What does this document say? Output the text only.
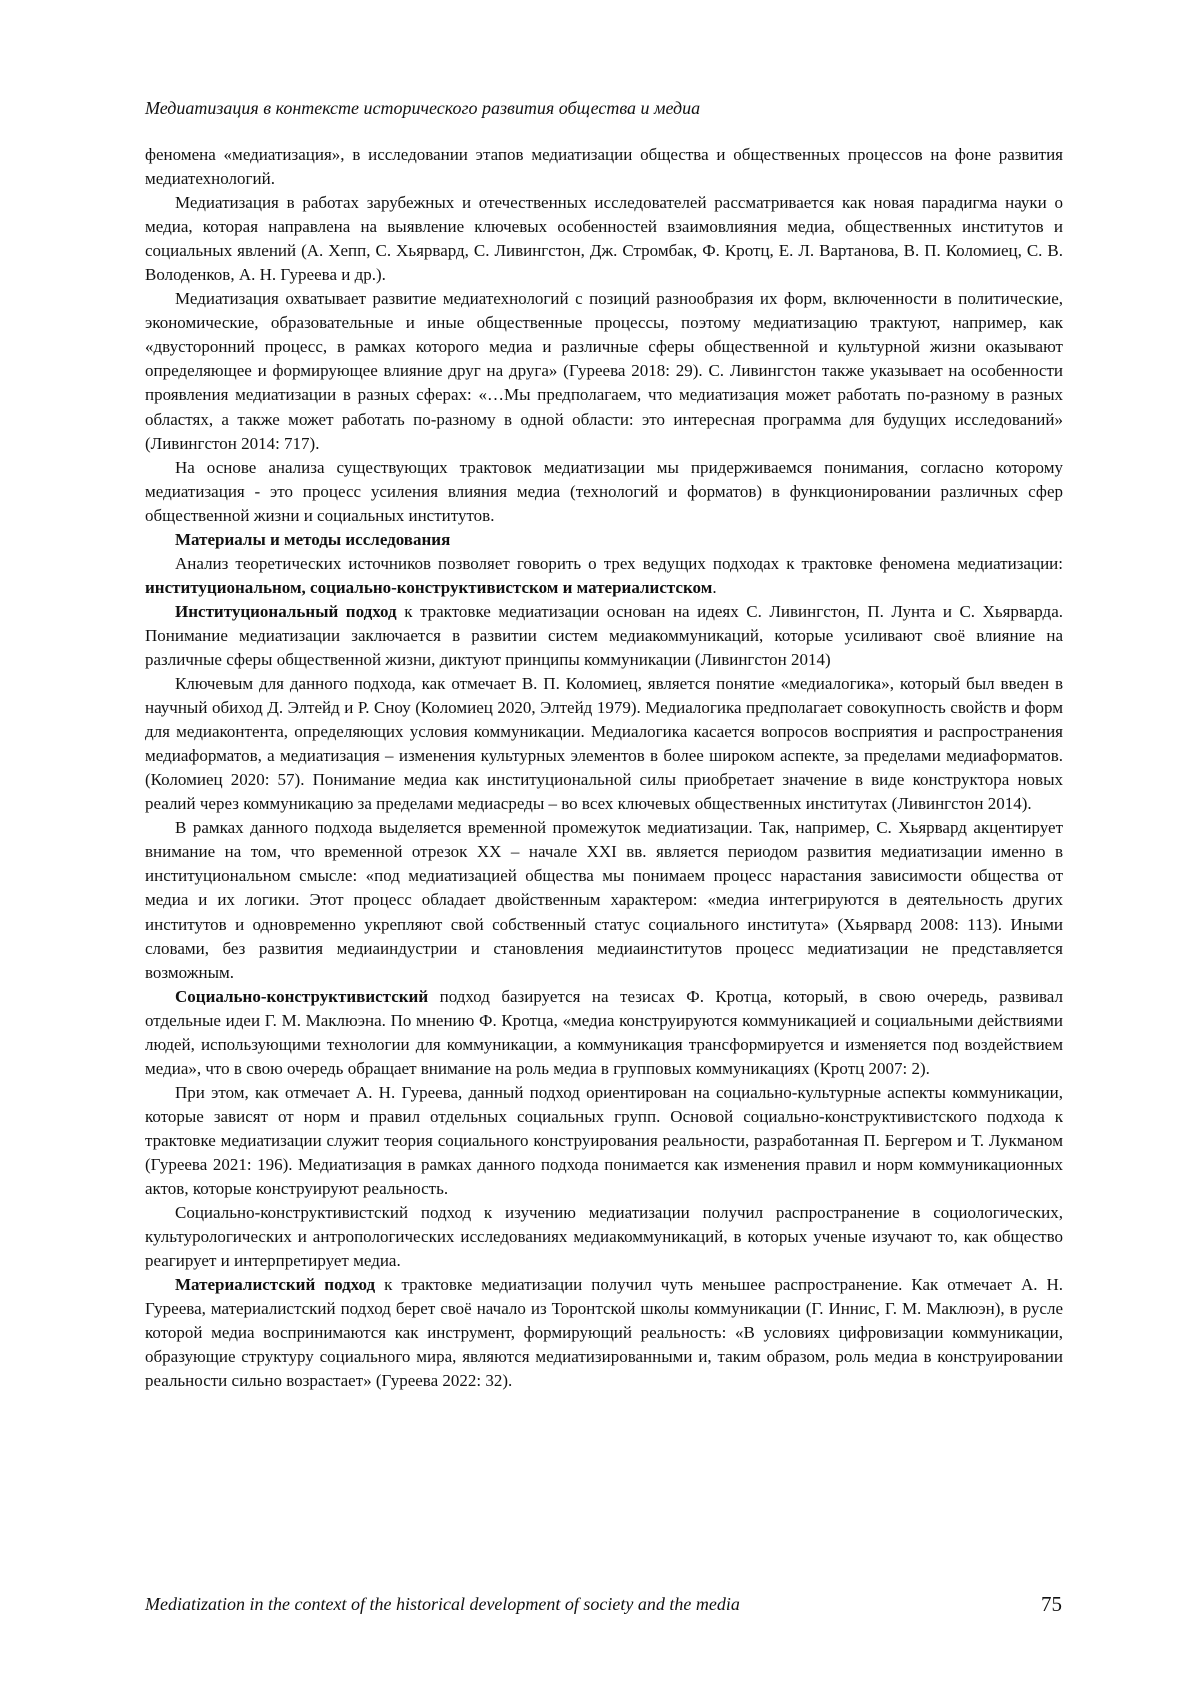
Медиатизация в контексте исторического развития общества и медиа

феномена «медиатизация», в исследовании этапов медиатизации общества и общественных процессов на фоне развития медиатехнологий.

Медиатизация в работах зарубежных и отечественных исследователей рассматривается как новая парадигма науки о медиа, которая направлена на выявление ключевых особенностей взаимовлияния медиа, общественных институтов и социальных явлений (А. Хепп, С. Хьярвард, С. Ливингстон, Дж. Стромбак, Ф. Кротц, Е. Л. Вартанова, В. П. Коломиец, С. В. Володенков, А. Н. Гуреева и др.).

Медиатизация охватывает развитие медиатехнологий с позиций разнообразия их форм, включенности в политические, экономические, образовательные и иные общественные процессы, поэтому медиатизацию трактуют, например, как «двусторонний процесс, в рамках которого медиа и различные сферы общественной и культурной жизни оказывают определяющее и формирующее влияние друг на друга» (Гуреева 2018: 29). С. Ливингстон также указывает на особенности проявления медиатизации в разных сферах: «…Мы предполагаем, что медиатизация может работать по-разному в разных областях, а также может работать по-разному в одной области: это интересная программа для будущих исследований» (Ливингстон 2014: 717).

На основе анализа существующих трактовок медиатизации мы придерживаемся понимания, согласно которому медиатизация - это процесс усиления влияния медиа (технологий и форматов) в функционировании различных сфер общественной жизни и социальных институтов.

Материалы и методы исследования

Анализ теоретических источников позволяет говорить о трех ведущих подходах к трактовке феномена медиатизации: институциональном, социально-конструктивистском и материалистском.

Институциональный подход к трактовке медиатизации основан на идеях С. Ливингстон, П. Лунта и С. Хьярварда. Понимание медиатизации заключается в развитии систем медиакоммуникаций, которые усиливают своё влияние на различные сферы общественной жизни, диктуют принципы коммуникации (Ливингстон 2014)

Ключевым для данного подхода, как отмечает В. П. Коломиец, является понятие «медиалогика», который был введен в научный обиход Д. Элтейд и Р. Сноу (Коломиец 2020, Элтейд 1979). Медиалогика предполагает совокупность свойств и форм для медиаконтента, определяющих условия коммуникации. Медиалогика касается вопросов восприятия и распространения медиаформатов, а медиатизация – изменения культурных элементов в более широком аспекте, за пределами медиаформатов. (Коломиец 2020: 57). Понимание медиа как институциональной силы приобретает значение в виде конструктора новых реалий через коммуникацию за пределами медиасреды – во всех ключевых общественных институтах (Ливингстон 2014).

В рамках данного подхода выделяется временной промежуток медиатизации. Так, например, С. Хьярвард акцентирует внимание на том, что временной отрезок XX – начале XXI вв. является периодом развития медиатизации именно в институциональном смысле: «под медиатизацией общества мы понимаем процесс нарастания зависимости общества от медиа и их логики. Этот процесс обладает двойственным характером: «медиа интегрируются в деятельность других институтов и одновременно укрепляют свой собственный статус социального института» (Хьярвард 2008: 113). Иными словами, без развития медиаиндустрии и становления медиаинститутов процесс медиатизации не представляется возможным.

Социально-конструктивистский подход базируется на тезисах Ф. Кротца, который, в свою очередь, развивал отдельные идеи Г. М. Маклюэна. По мнению Ф. Кротца, «медиа конструируются коммуникацией и социальными действиями людей, использующими технологии для коммуникации, а коммуникация трансформируется и изменяется под воздействием медиа», что в свою очередь обращает внимание на роль медиа в групповых коммуникациях (Кротц 2007: 2).

При этом, как отмечает А. Н. Гуреева, данный подход ориентирован на социально-культурные аспекты коммуникации, которые зависят от норм и правил отдельных социальных групп. Основой социально-конструктивистского подхода к трактовке медиатизации служит теория социального конструирования реальности, разработанная П. Бергером и Т. Лукманом (Гуреева 2021: 196). Медиатизация в рамках данного подхода понимается как изменения правил и норм коммуникационных актов, которые конструируют реальность.

Социально-конструктивистский подход к изучению медиатизации получил распространение в социологических, культурологических и антропологических исследованиях медиакоммуникаций, в которых ученые изучают то, как общество реагирует и интерпретирует медиа.

Материалистский подход к трактовке медиатизации получил чуть меньшее распространение. Как отмечает А. Н. Гуреева, материалистский подход берет своё начало из Торонтской школы коммуникации (Г. Иннис, Г. М. Маклюэн), в русле которой медиа воспринимаются как инструмент, формирующий реальность: «В условиях цифровизации коммуникации, образующие структуру социального мира, являются медиатизированными и, таким образом, роль медиа в конструировании реальности сильно возрастает» (Гуреева 2022: 32).

Mediatization in the context of the historical development of society and the media	75
